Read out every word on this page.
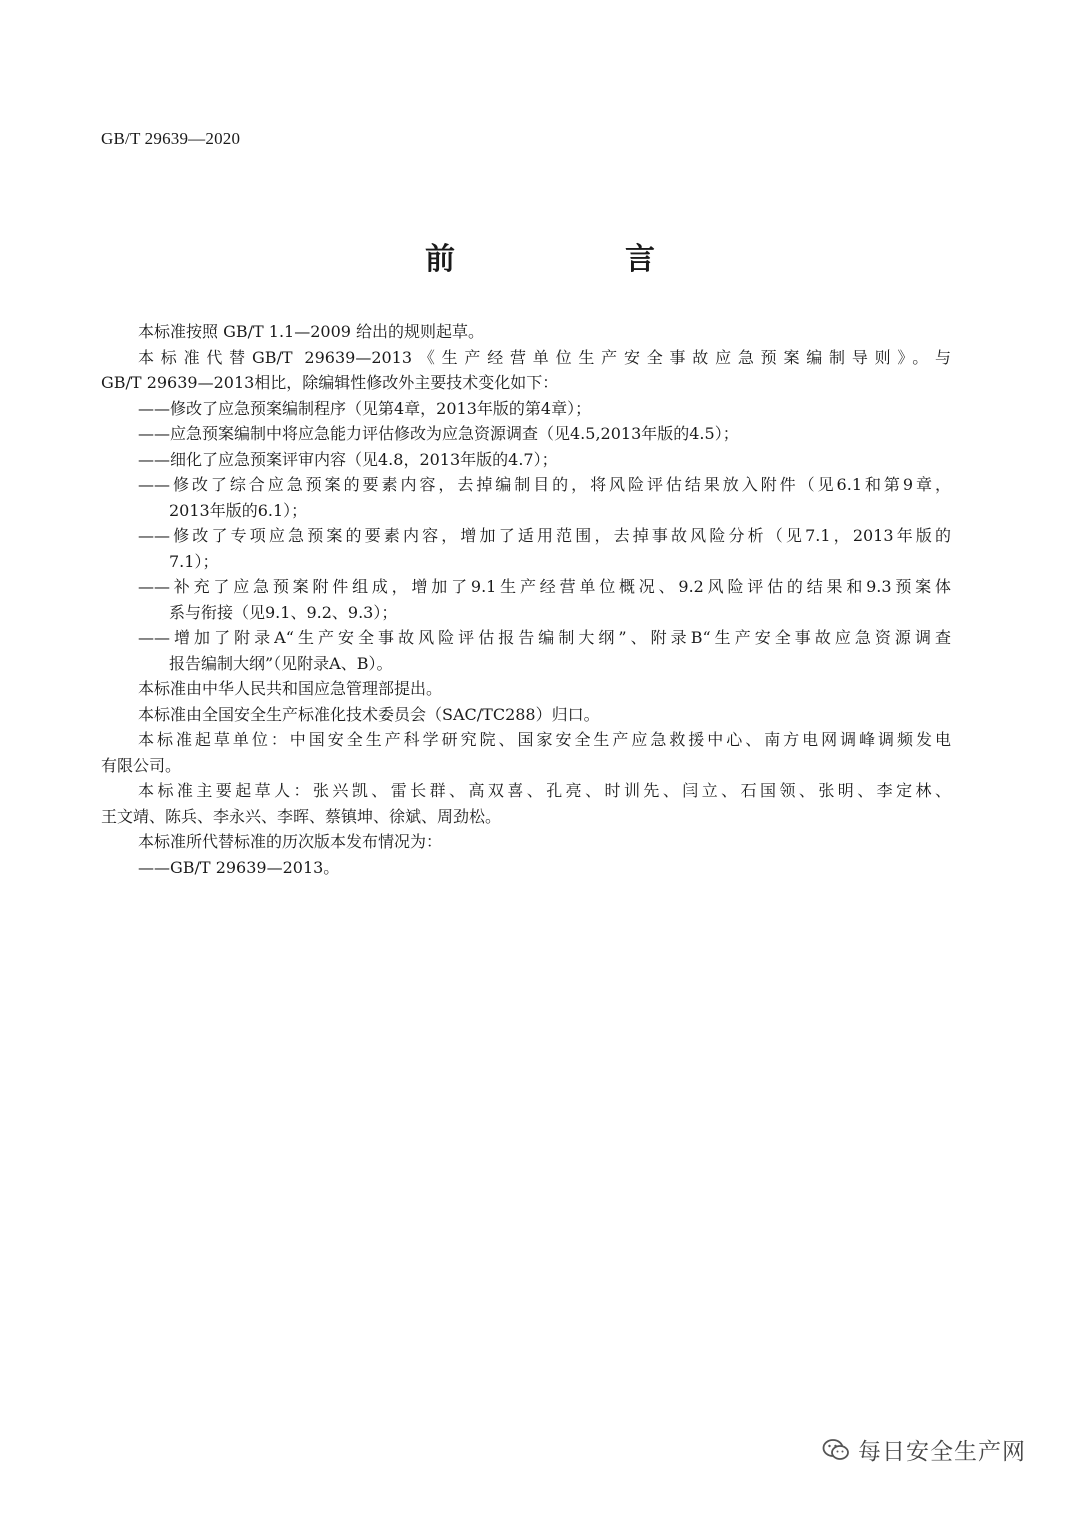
GB/T 29639—2020
前　言
本标准按照 GB/T 1.1—2009 给出的规则起草。
本标准代替GB/T 29639—2013《生产经营单位生产安全事故应急预案编制导则》。与
GB/T 29639—2013相比，除编辑性修改外主要技术变化如下：
——修改了应急预案编制程序（见第4章，2013年版的第4章）；
——应急预案编制中将应急能力评估修改为应急资源调查（见4.5,2013年版的4.5）；
——细化了应急预案评审内容（见4.8，2013年版的4.7）；
——修改了综合应急预案的要素内容，去掉编制目的，将风险评估结果放入附件（见6.1和第9章，
2013年版的6.1）；
——修改了专项应急预案的要素内容，增加了适用范围，去掉事故风险分析（见7.1，2013年版的
7.1）；
——补充了应急预案附件组成，增加了9.1生产经营单位概况、9.2风险评估的结果和9.3预案体
系与衔接（见9.1、9.2、9.3）；
——增加了附录A“生产安全事故风险评估报告编制大纲”、附录B“生产安全事故应急资源调查
报告编制大纲”（见附录A、B）。
本标准由中华人民共和国应急管理部提出。
本标准由全国安全生产标准化技术委员会（SAC/TC288）归口。
本标准起草单位：中国安全生产科学研究院、国家安全生产应急救援中心、南方电网调峰调频发电
有限公司。
本标准主要起草人：张兴凯、雷长群、高双喜、孔亮、时训先、闫立、石国领、张明、李定林、
王文靖、陈兵、李永兴、李晖、蔡镇坤、徐斌、周劲松。
本标准所代替标准的历次版本发布情况为：
——GB/T 29639—2013。
每日安全生产网
